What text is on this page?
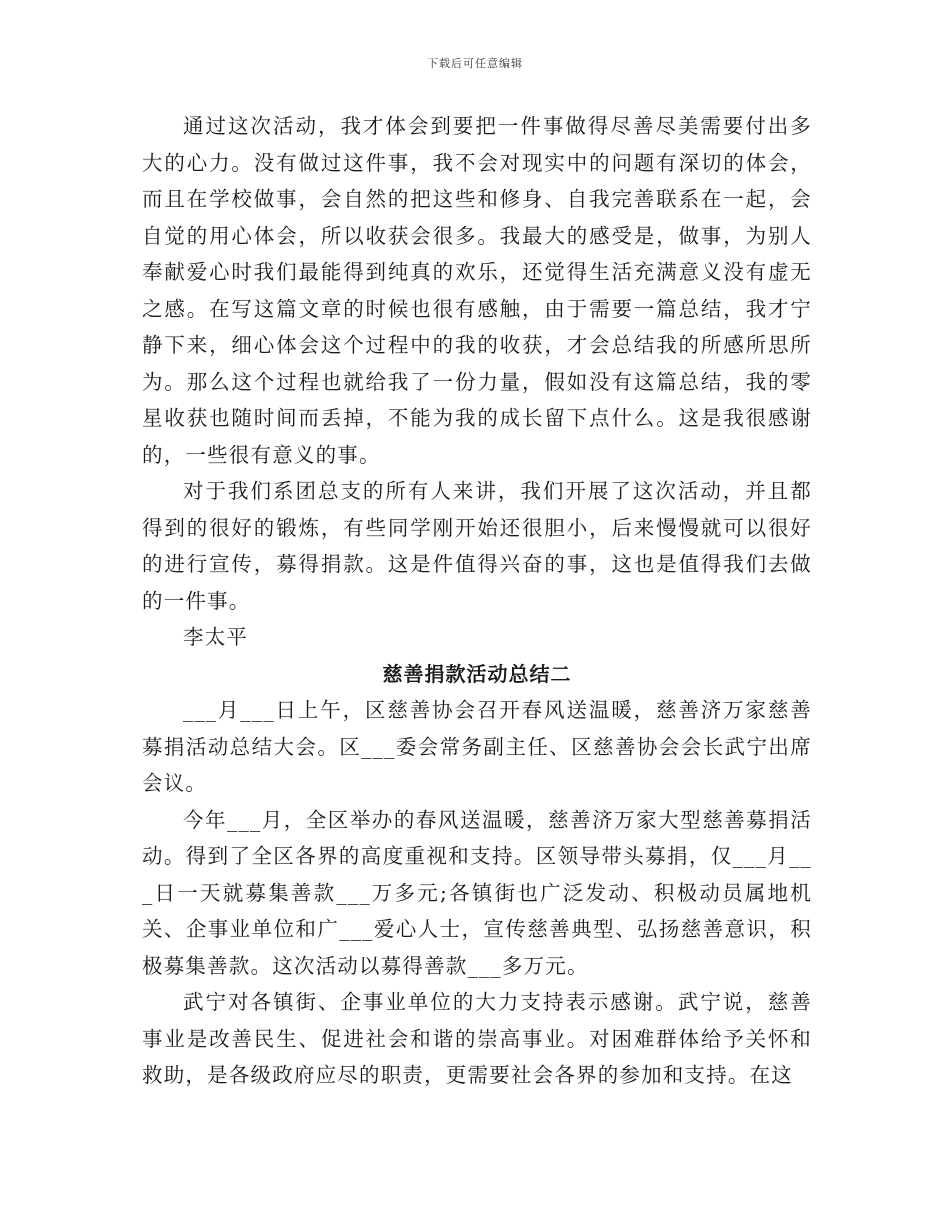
下载后可任意编辑

通过这次活动，我才体会到要把一件事做得尽善尽美需要付出多大的心力。没有做过这件事，我不会对现实中的问题有深切的体会，而且在学校做事，会自然的把这些和修身、自我完善联系在一起，会自觉的用心体会，所以收获会很多。我最大的感受是，做事，为别人奉献爱心时我们最能得到纯真的欢乐，还觉得生活充满意义没有虚无之感。在写这篇文章的时候也很有感触，由于需要一篇总结，我才宁静下来，细心体会这个过程中的我的收获，才会总结我的所感所思所为。那么这个过程也就给我了一份力量，假如没有这篇总结，我的零星收获也随时间而丢掉，不能为我的成长留下点什么。这是我很感谢的，一些很有意义的事。

对于我们系团总支的所有人来讲，我们开展了这次活动，并且都得到的很好的锻炼，有些同学刚开始还很胆小，后来慢慢就可以很好的进行宣传，募得捐款。这是件值得兴奋的事，这也是值得我们去做的一件事。

李太平

慈善捐款活动总结二

___月___日上午，区慈善协会召开春风送温暖，慈善济万家慈善募捐活动总结大会。区___委会常务副主任、区慈善协会会长武宁出席会议。

今年___月，全区举办的春风送温暖，慈善济万家大型慈善募捐活动。得到了全区各界的高度重视和支持。区领导带头募捐，仅___月___日一天就募集善款___万多元;各镇街也广泛发动、积极动员属地机关、企事业单位和广___爱心人士，宣传慈善典型、弘扬慈善意识，积极募集善款。这次活动以募得善款___多万元。

武宁对各镇街、企事业单位的大力支持表示感谢。武宁说，慈善事业是改善民生、促进社会和谐的崇高事业。对困难群体给予关怀和救助，是各级政府应尽的职责，更需要社会各界的参加和支持。在这
